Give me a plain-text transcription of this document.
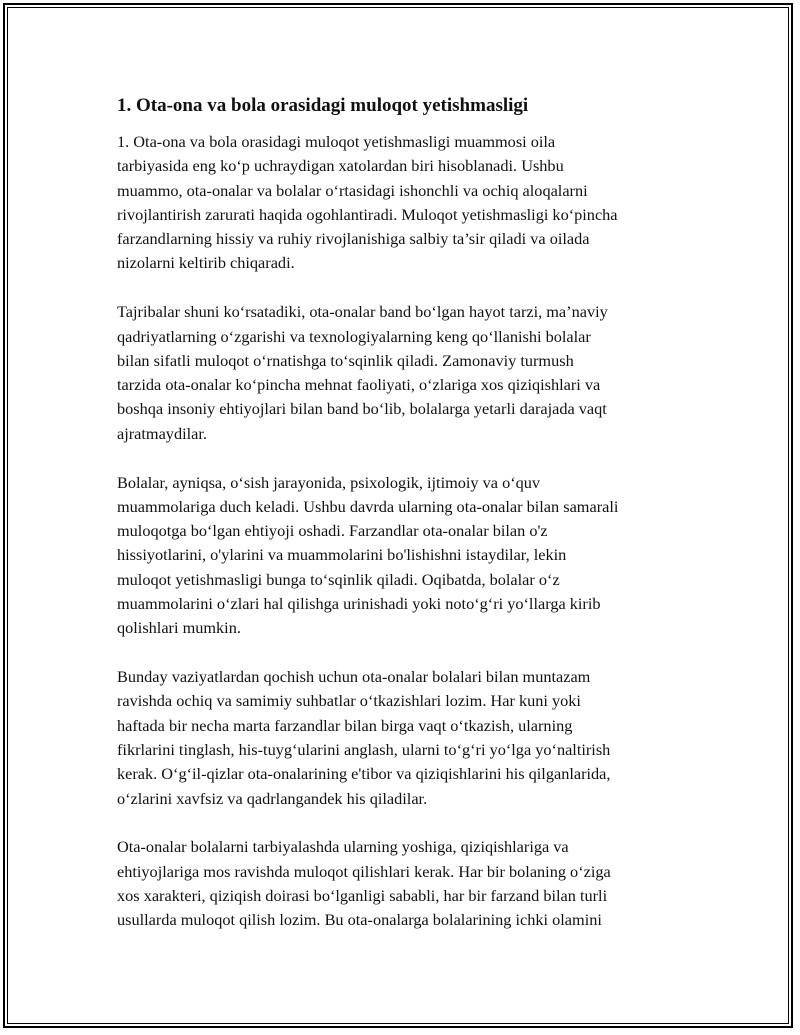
1. Ota-ona va bola orasidagi muloqot yetishmasligi

1. Ota-ona va bola orasidagi muloqot yetishmasligi muammosi oila
tarbiyasida eng ko‘p uchraydigan xatolardan biri hisoblanadi. Ushbu
muammo, ota-onalar va bolalar o‘rtasidagi ishonchli va ochiq aloqalarni
rivojlantirish zarurati haqida ogohlantiradi. Muloqot yetishmasligi ko‘pincha
farzandlarning hissiy va ruhiy rivojlanishiga salbiy ta’sir qiladi va oilada
nizolarni keltirib chiqaradi.

Tajribalar shuni ko‘rsatadiki, ota-onalar band bo‘lgan hayot tarzi, ma’naviy
qadriyatlarning o‘zgarishi va texnologiyalarning keng qo‘llanishi bolalar
bilan sifatli muloqot o‘rnatishga to‘sqinlik qiladi. Zamonaviy turmush
tarzida ota-onalar ko‘pincha mehnat faoliyati, o‘zlariga xos qiziqishlari va
boshqa insoniy ehtiyojlari bilan band bo‘lib, bolalarga yetarli darajada vaqt
ajratmaydilar.

Bolalar, ayniqsa, o‘sish jarayonida, psixologik, ijtimoiy va o‘quv
muammolariga duch keladi. Ushbu davrda ularning ota-onalar bilan samarali
muloqotga bo‘lgan ehtiyoji oshadi. Farzandlar ota-onalar bilan o'z
hissiyotlarini, o'ylarini va muammolarini bo'lishishni istaydilar, lekin
muloqot yetishmasligi bunga to‘sqinlik qiladi. Oqibatda, bolalar o‘z
muammolarini o‘zlari hal qilishga urinishadi yoki noto‘g‘ri yo‘llarga kirib
qolishlari mumkin.

Bunday vaziyatlardan qochish uchun ota-onalar bolalari bilan muntazam
ravishda ochiq va samimiy suhbatlar o‘tkazishlari lozim. Har kuni yoki
haftada bir necha marta farzandlar bilan birga vaqt o‘tkazish, ularning
fikrlarini tinglash, his-tuyg‘ularini anglash, ularni to‘g‘ri yo‘lga yo‘naltirish
kerak. O‘g‘il-qizlar ota-onalarining e'tibor va qiziqishlarini his qilganlarida,
o‘zlarini xavfsiz va qadrlangandek his qiladilar.

Ota-onalar bolalarni tarbiyalashda ularning yoshiga, qiziqishlariga va
ehtiyojlariga mos ravishda muloqot qilishlari kerak. Har bir bolaning o‘ziga
xos xarakteri, qiziqish doirasi bo‘lganligi sababli, har bir farzand bilan turli
usullarda muloqot qilish lozim. Bu ota-onalarga bolalarining ichki olamini
